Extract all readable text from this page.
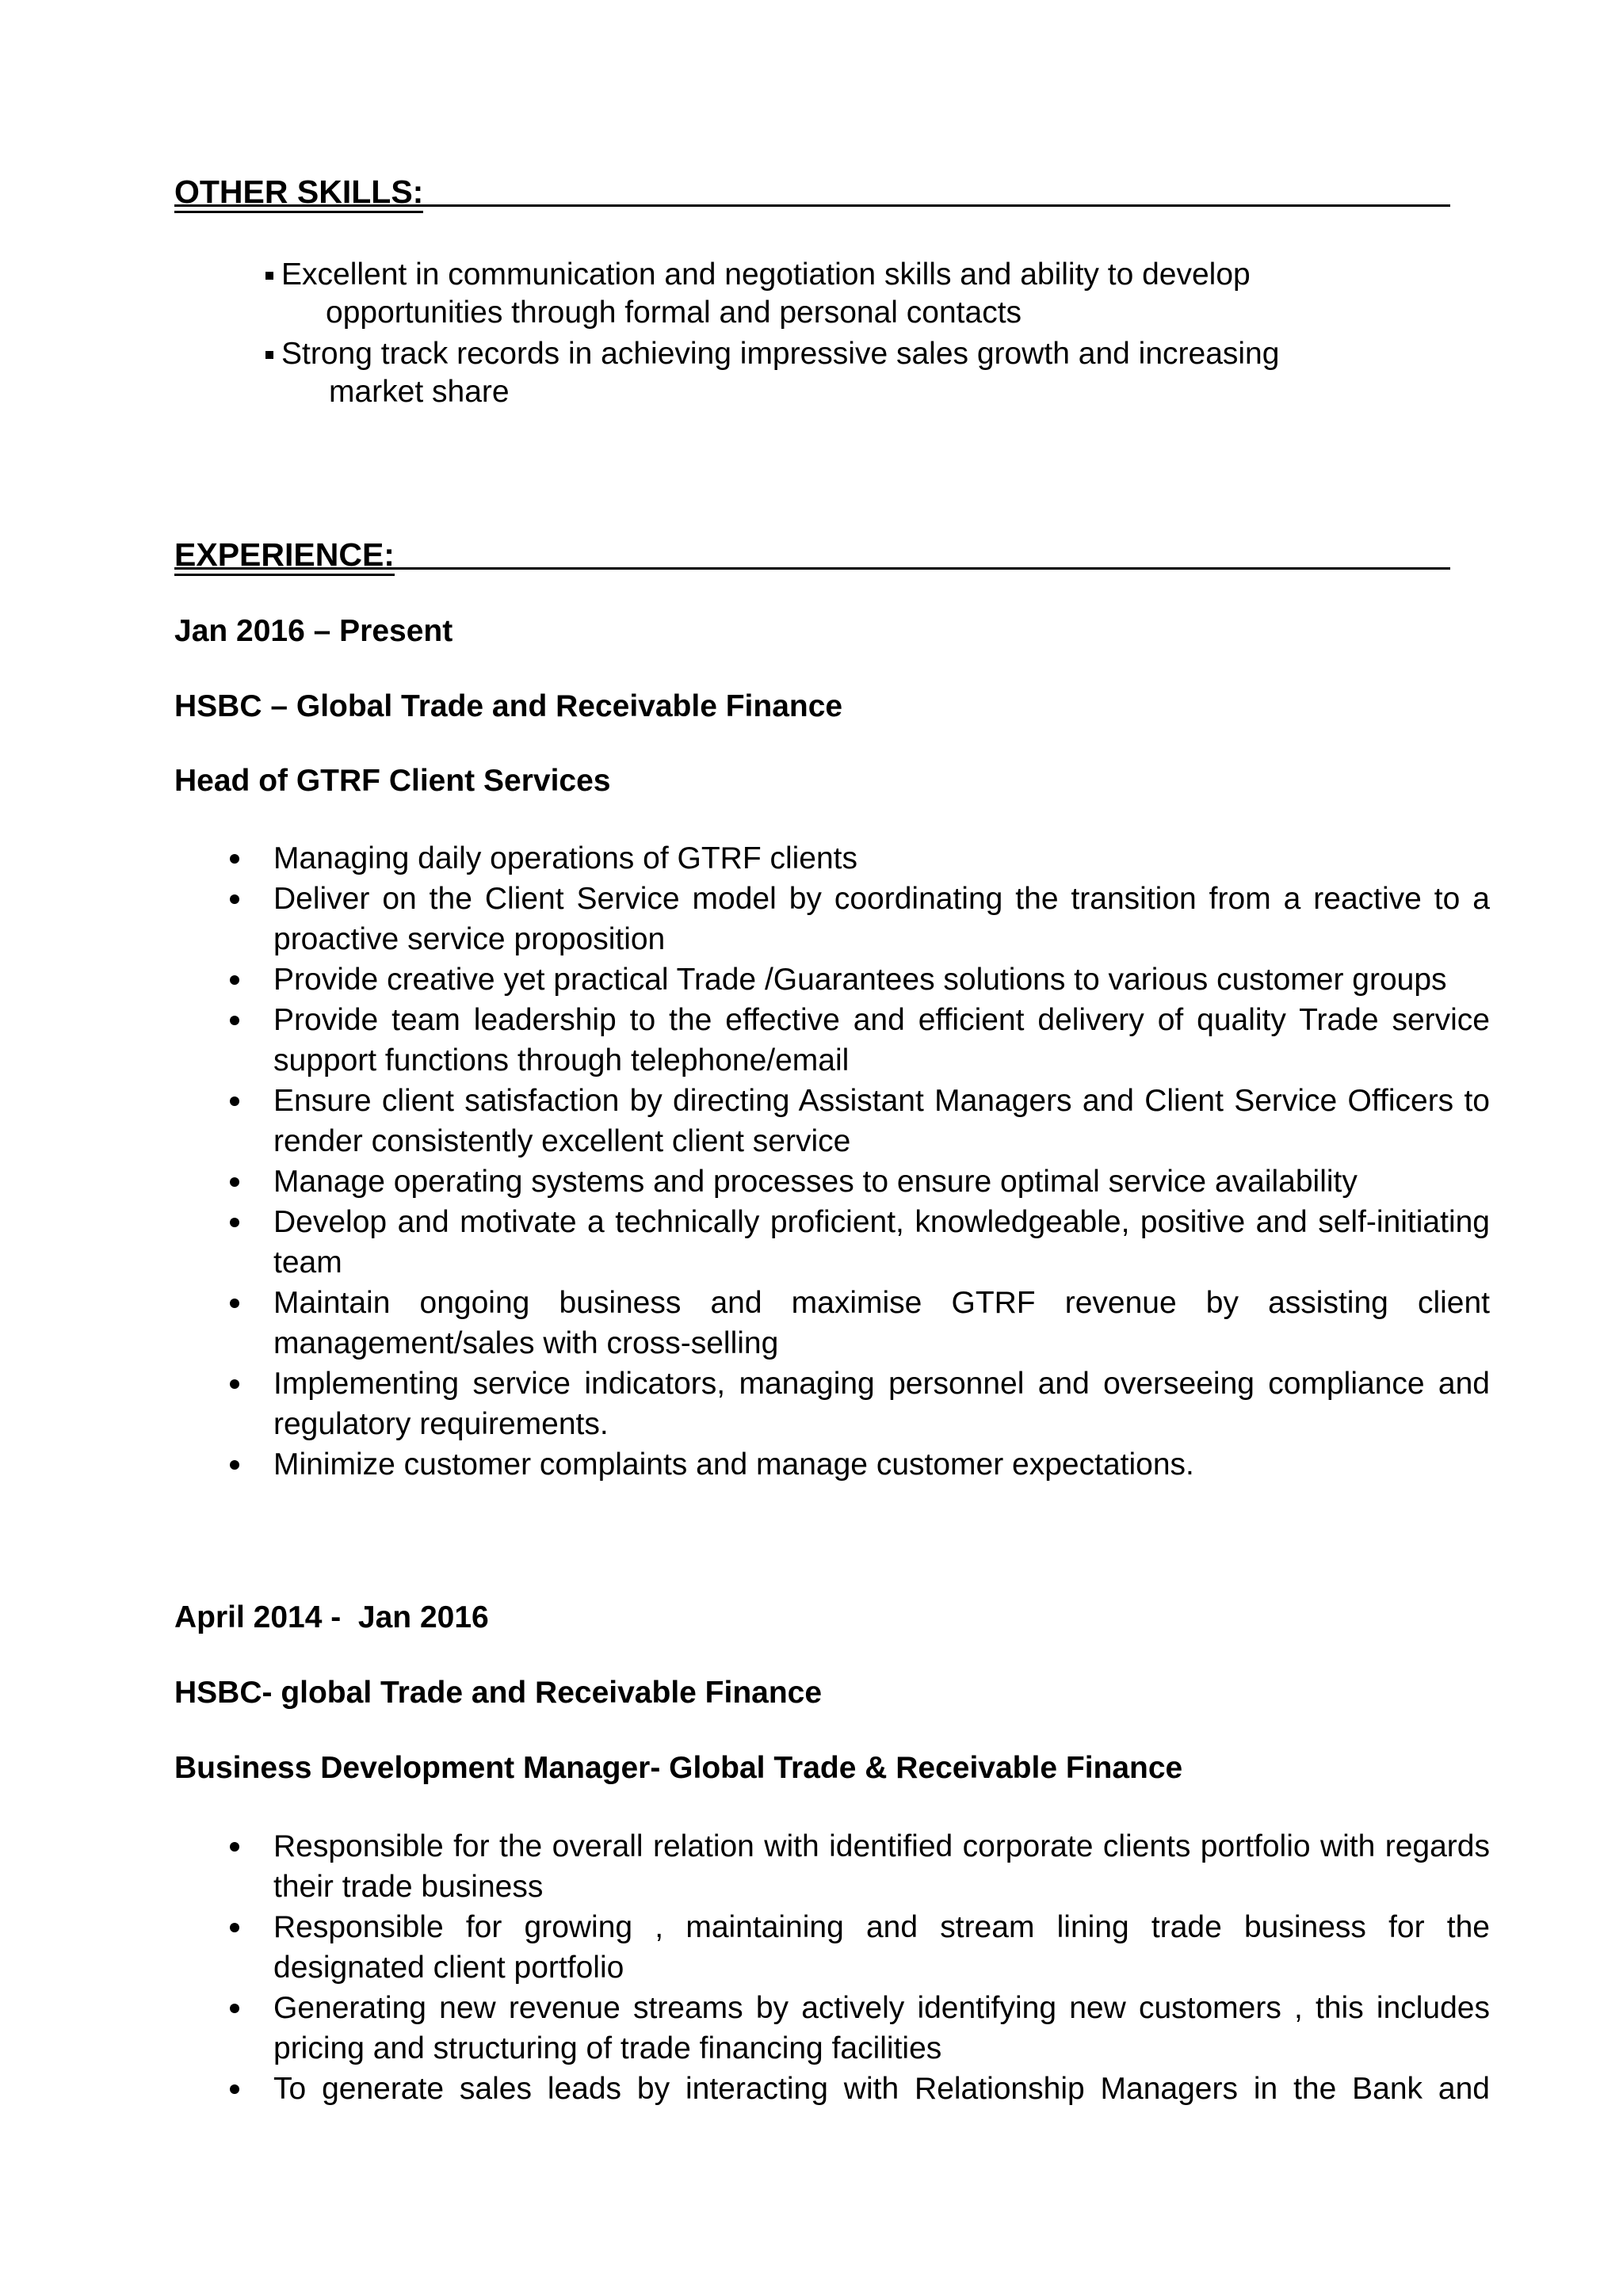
OTHER SKILLS:
Excellent in communication and negotiation skills and ability to develop
opportunities through formal and personal contacts
Strong track records in achieving impressive sales growth and increasing
market share
EXPERIENCE:
Jan 2016 – Present
HSBC – Global Trade and Receivable Finance
Head of GTRF Client Services
Managing daily operations of GTRF clients
Deliver on the Client Service model by coordinating the transition from a reactive to a proactive service proposition
Provide creative yet practical Trade /Guarantees solutions to various customer groups
Provide team leadership to the effective and efficient delivery of quality Trade service support functions through telephone/email
Ensure client satisfaction by directing Assistant Managers and Client Service Officers to render consistently excellent client service
Manage operating systems and processes to ensure optimal service availability
Develop and motivate a technically proficient, knowledgeable, positive and self-initiating team
Maintain ongoing business and maximise GTRF revenue by assisting client management/sales with cross-selling
Implementing service indicators, managing personnel and overseeing compliance and regulatory requirements.
Minimize customer complaints and manage customer expectations.
April 2014 -  Jan 2016
HSBC- global Trade and Receivable Finance
Business Development Manager- Global Trade & Receivable Finance
Responsible for the overall relation with identified corporate clients portfolio with regards their trade business
Responsible for growing , maintaining and stream lining trade business for the designated client portfolio
Generating new revenue streams by actively identifying new customers , this includes pricing and structuring of trade financing facilities
To generate sales leads by interacting with Relationship Managers in the Bank and
